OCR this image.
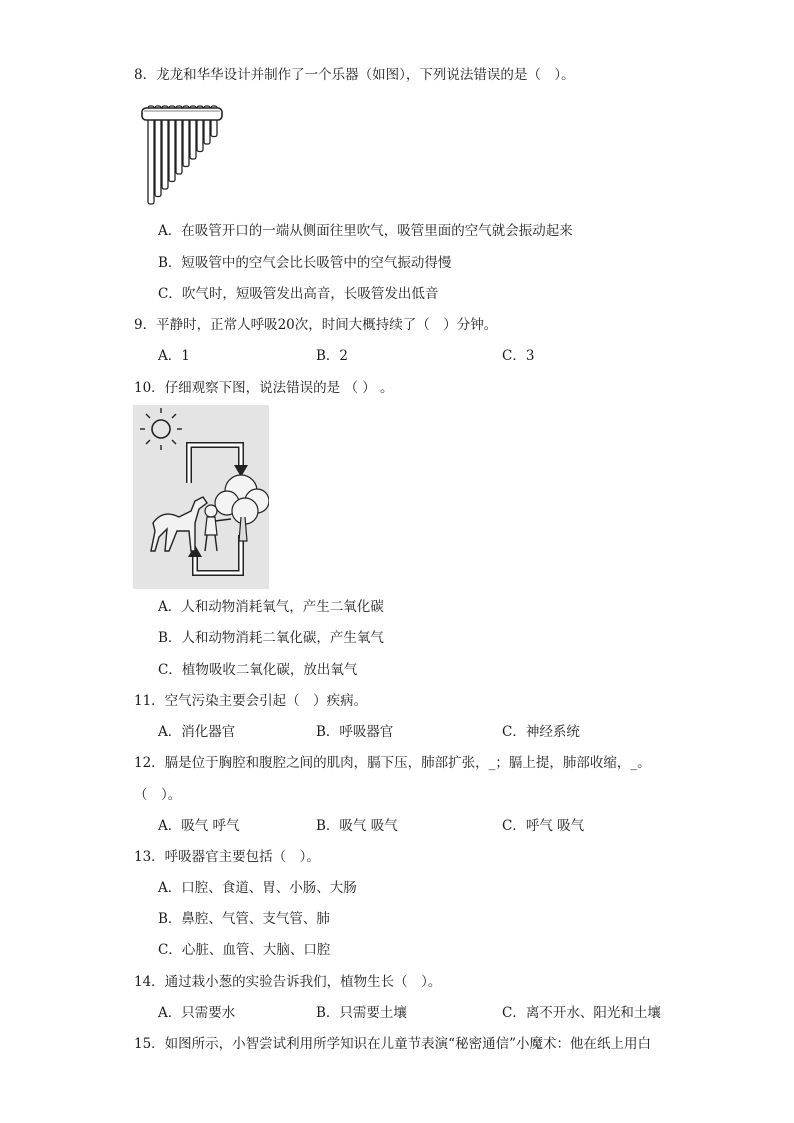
8．龙龙和华华设计并制作了一个乐器（如图），下列说法错误的是（　）。
A．在吸管开口的一端从侧面往里吹气，吸管里面的空气就会振动起来
B．短吸管中的空气会比长吸管中的空气振动得慢
C．吹气时，短吸管发出高音，长吸管发出低音
9．平静时，正常人呼吸20次，时间大概持续了（　）分钟。
A．1	B．2	C．3
10．仔细观察下图，说法错误的是 （ ） 。
A．人和动物消耗氧气，产生二氧化碳
B．人和动物消耗二氧化碳，产生氧气
C．植物吸收二氧化碳，放出氧气
11．空气污染主要会引起（　）疾病。
A．消化器官	B．呼吸器官	C．神经系统
12．膈是位于胸腔和腹腔之间的肌肉，膈下压，肺部扩张，_；膈上提，肺部收缩，_。
（　）。
A．吸气 呼气	B．吸气 吸气	C．呼气 吸气
13．呼吸器官主要包括（　）。
A．口腔、食道、胃、小肠、大肠
B．鼻腔、气管、支气管、肺
C．心脏、血管、大脑、口腔
14．通过栽小葱的实验告诉我们，植物生长（　）。
A．只需要水	B．只需要土壤	C．离不开水、阳光和土壤
15．如图所示，小智尝试利用所学知识在儿童节表演“秘密通信”小魔术：他在纸上用白
